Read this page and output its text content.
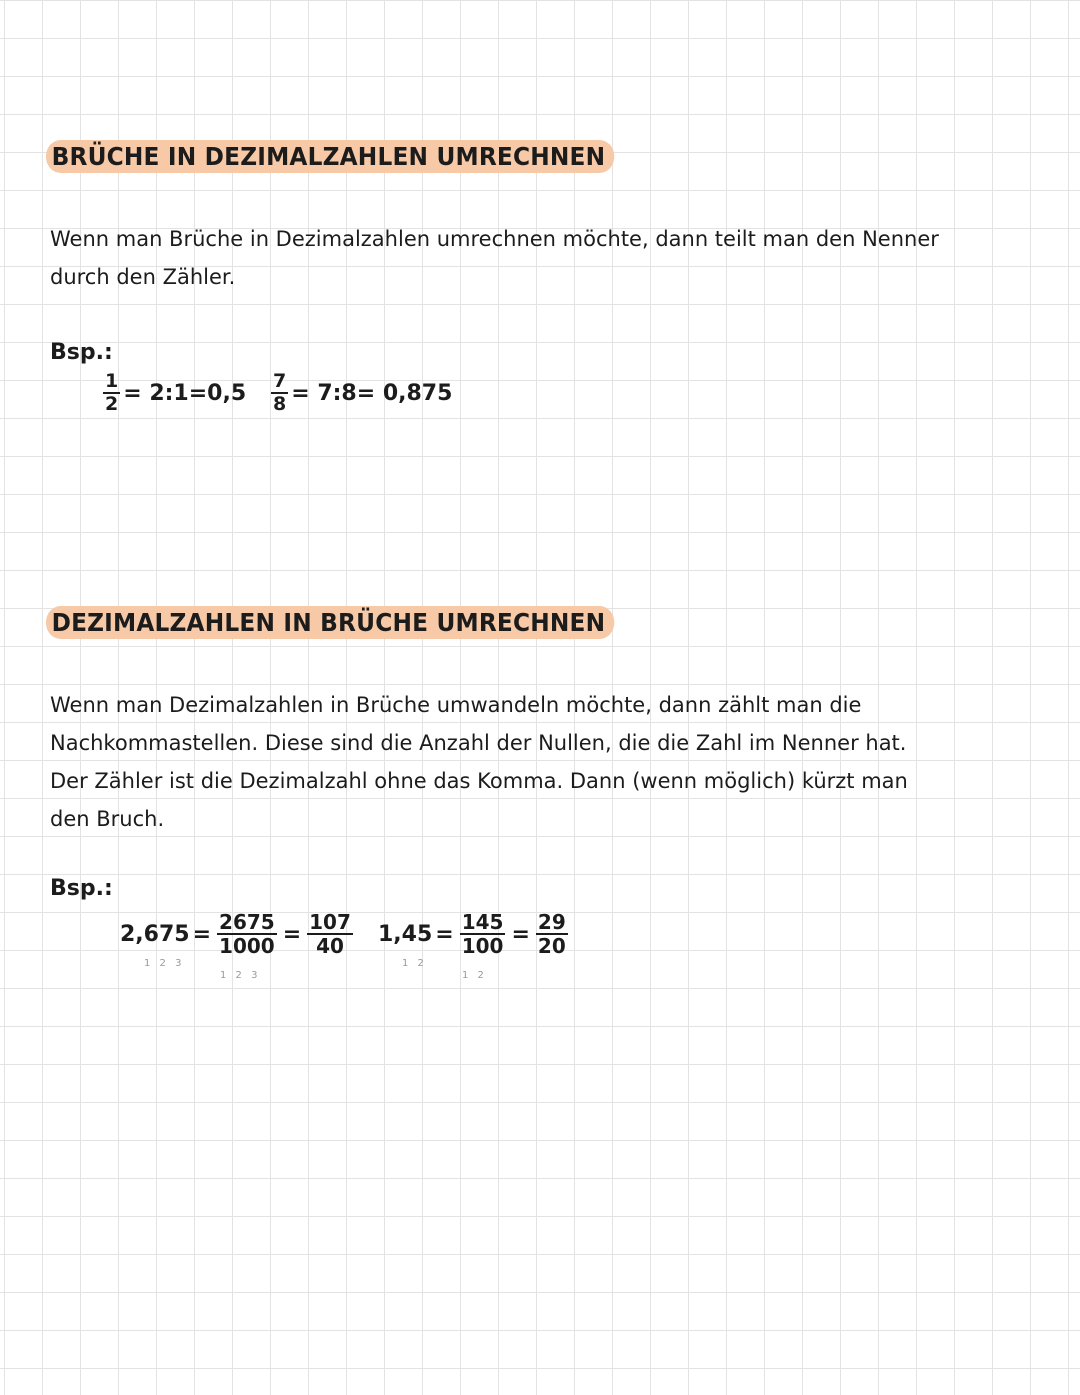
BRÜCHE IN DEZIMALZAHLEN UMRECHNEN
Wenn man Brüche in Dezimalzahlen umrechnen möchte, dann teilt man den Nenner
durch den Zähler.
Bsp.:
$\frac{1}{2}$ = 2:1=0,5 $\frac{7}{8}$ = 7:8= 0,875
DEZIMALZAHLEN IN BRÜCHE UMRECHNEN
Wenn man Dezimalzahlen in Brüche umwandeln möchte, dann zählt man die
Nachkommastellen. Diese sind die Anzahl der Nullen, die die Zahl im Nenner hat.
Der Zähler ist die Dezimalzahl ohne das Komma. Dann (wenn möglich) kürzt man
den Bruch.
Bsp.:
$2,675 = \frac{2675}{1000} = \frac{107}{40}$
1 2 3
1 2 3
$1,45 = \frac{145}{100} = \frac{29}{20}$
1 2
1 2
